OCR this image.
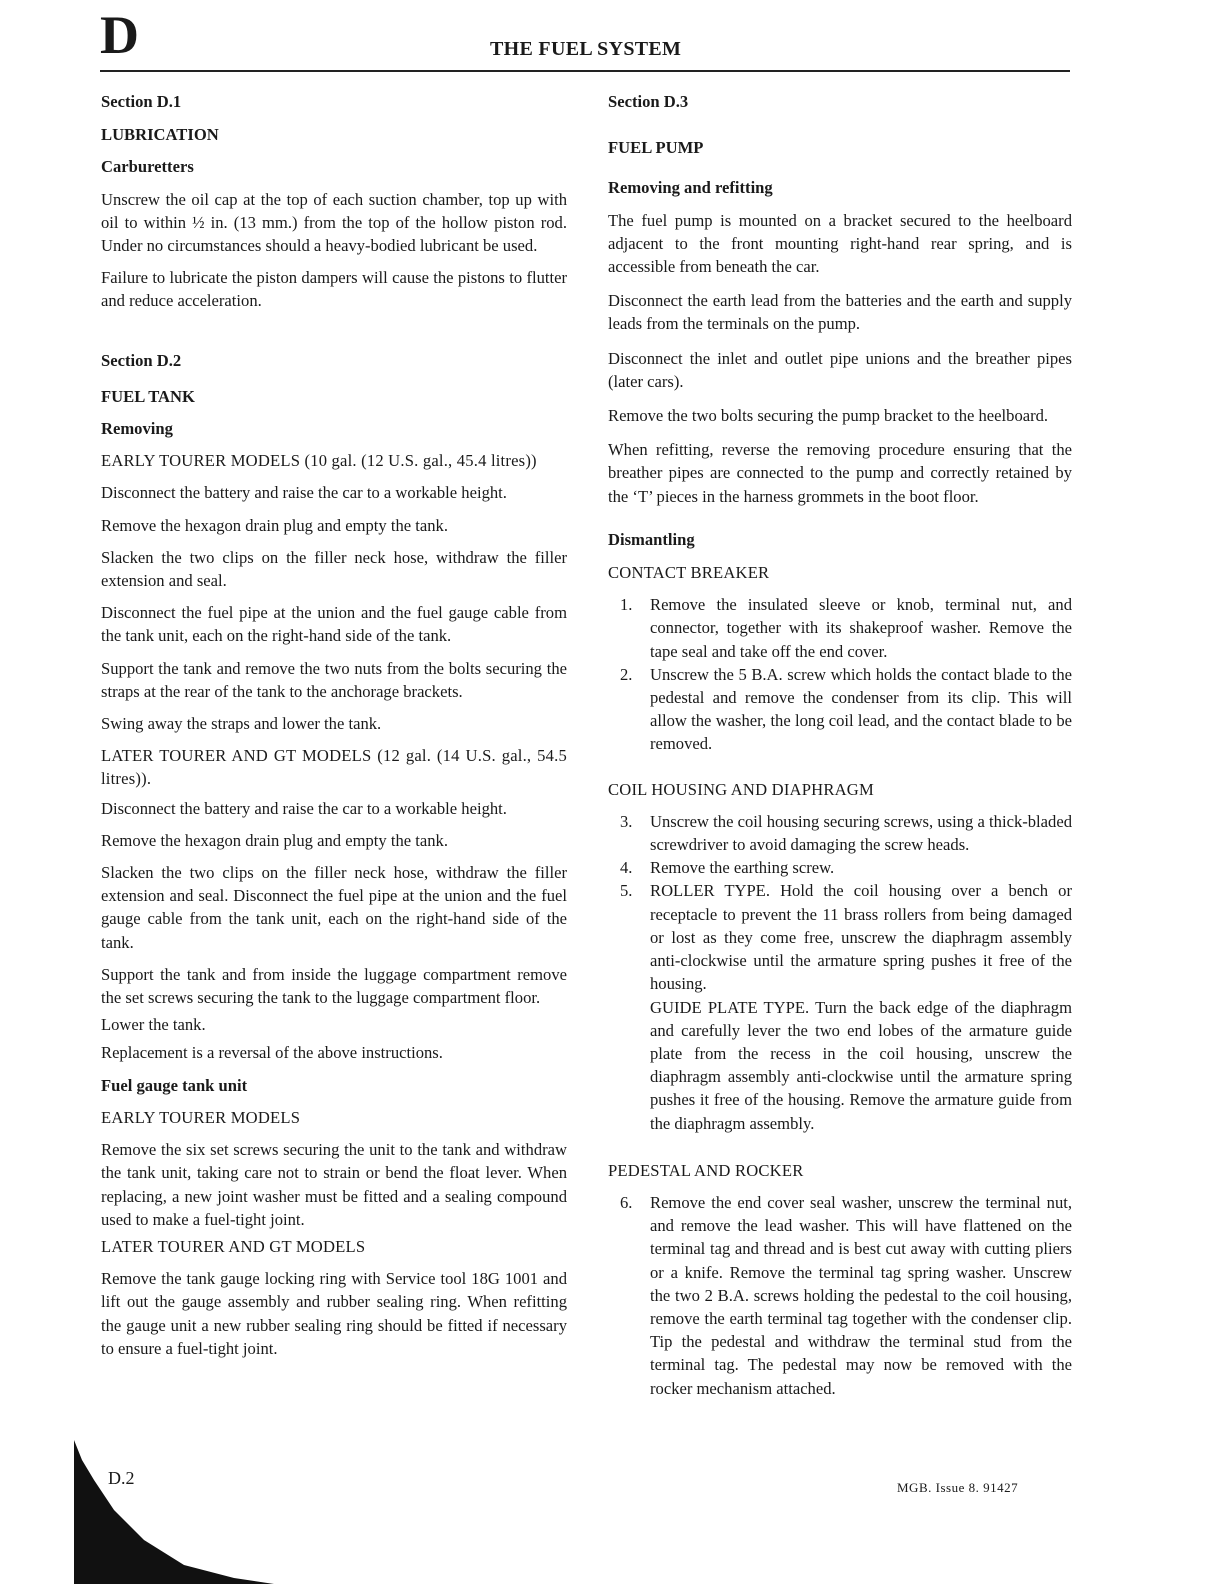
D	THE FUEL SYSTEM

Section D.1

LUBRICATION

Carburetters

Unscrew the oil cap at the top of each suction chamber, top up with oil to within ½ in. (13 mm.) from the top of the hollow piston rod. Under no circumstances should a heavy-bodied lubricant be used.

Failure to lubricate the piston dampers will cause the pistons to flutter and reduce acceleration.

Section D.2

FUEL TANK

Removing

EARLY TOURER MODELS (10 gal. (12 U.S. gal., 45.4 litres))

Disconnect the battery and raise the car to a workable height.

Remove the hexagon drain plug and empty the tank.

Slacken the two clips on the filler neck hose, withdraw the filler extension and seal.

Disconnect the fuel pipe at the union and the fuel gauge cable from the tank unit, each on the right-hand side of the tank.

Support the tank and remove the two nuts from the bolts securing the straps at the rear of the tank to the anchorage brackets.

Swing away the straps and lower the tank.

LATER TOURER AND GT MODELS (12 gal. (14 U.S. gal., 54.5 litres)).

Disconnect the battery and raise the car to a workable height.

Remove the hexagon drain plug and empty the tank.

Slacken the two clips on the filler neck hose, withdraw the filler extension and seal. Disconnect the fuel pipe at the union and the fuel gauge cable from the tank unit, each on the right-hand side of the tank.

Support the tank and from inside the luggage compartment remove the set screws securing the tank to the luggage compartment floor.

Lower the tank.

Replacement is a reversal of the above instructions.

Fuel gauge tank unit

EARLY TOURER MODELS

Remove the six set screws securing the unit to the tank and withdraw the tank unit, taking care not to strain or bend the float lever. When replacing, a new joint washer must be fitted and a sealing compound used to make a fuel-tight joint.

LATER TOURER AND GT MODELS

Remove the tank gauge locking ring with Service tool 18G 1001 and lift out the gauge assembly and rubber sealing ring. When refitting the gauge unit a new rubber sealing ring should be fitted if necessary to ensure a fuel-tight joint.

Section D.3

FUEL PUMP

Removing and refitting

The fuel pump is mounted on a bracket secured to the heelboard adjacent to the front mounting right-hand rear spring, and is accessible from beneath the car.

Disconnect the earth lead from the batteries and the earth and supply leads from the terminals on the pump.

Disconnect the inlet and outlet pipe unions and the breather pipes (later cars).

Remove the two bolts securing the pump bracket to the heelboard.

When refitting, reverse the removing procedure ensuring that the breather pipes are connected to the pump and correctly retained by the ‘T’ pieces in the harness grommets in the boot floor.

Dismantling

CONTACT BREAKER

1. Remove the insulated sleeve or knob, terminal nut, and connector, together with its shakeproof washer. Remove the tape seal and take off the end cover.
2. Unscrew the 5 B.A. screw which holds the contact blade to the pedestal and remove the condenser from its clip. This will allow the washer, the long coil lead, and the contact blade to be removed.

COIL HOUSING AND DIAPHRAGM

3. Unscrew the coil housing securing screws, using a thick-bladed screwdriver to avoid damaging the screw heads.
4. Remove the earthing screw.
5. ROLLER TYPE. Hold the coil housing over a bench or receptacle to prevent the 11 brass rollers from being damaged or lost as they come free, unscrew the diaphragm assembly anti-clockwise until the armature spring pushes it free of the housing.
GUIDE PLATE TYPE. Turn the back edge of the diaphragm and carefully lever the two end lobes of the armature guide plate from the recess in the coil housing, unscrew the diaphragm assembly anti-clockwise until the armature spring pushes it free of the housing. Remove the armature guide from the diaphragm assembly.

PEDESTAL AND ROCKER

6. Remove the end cover seal washer, unscrew the terminal nut, and remove the lead washer. This will have flattened on the terminal tag and thread and is best cut away with cutting pliers or a knife. Remove the terminal tag spring washer. Unscrew the two 2 B.A. screws holding the pedestal to the coil housing, remove the earth terminal tag together with the condenser clip. Tip the pedestal and withdraw the terminal stud from the terminal tag. The pedestal may now be removed with the rocker mechanism attached.
D.2	MGB. Issue 8. 91427
